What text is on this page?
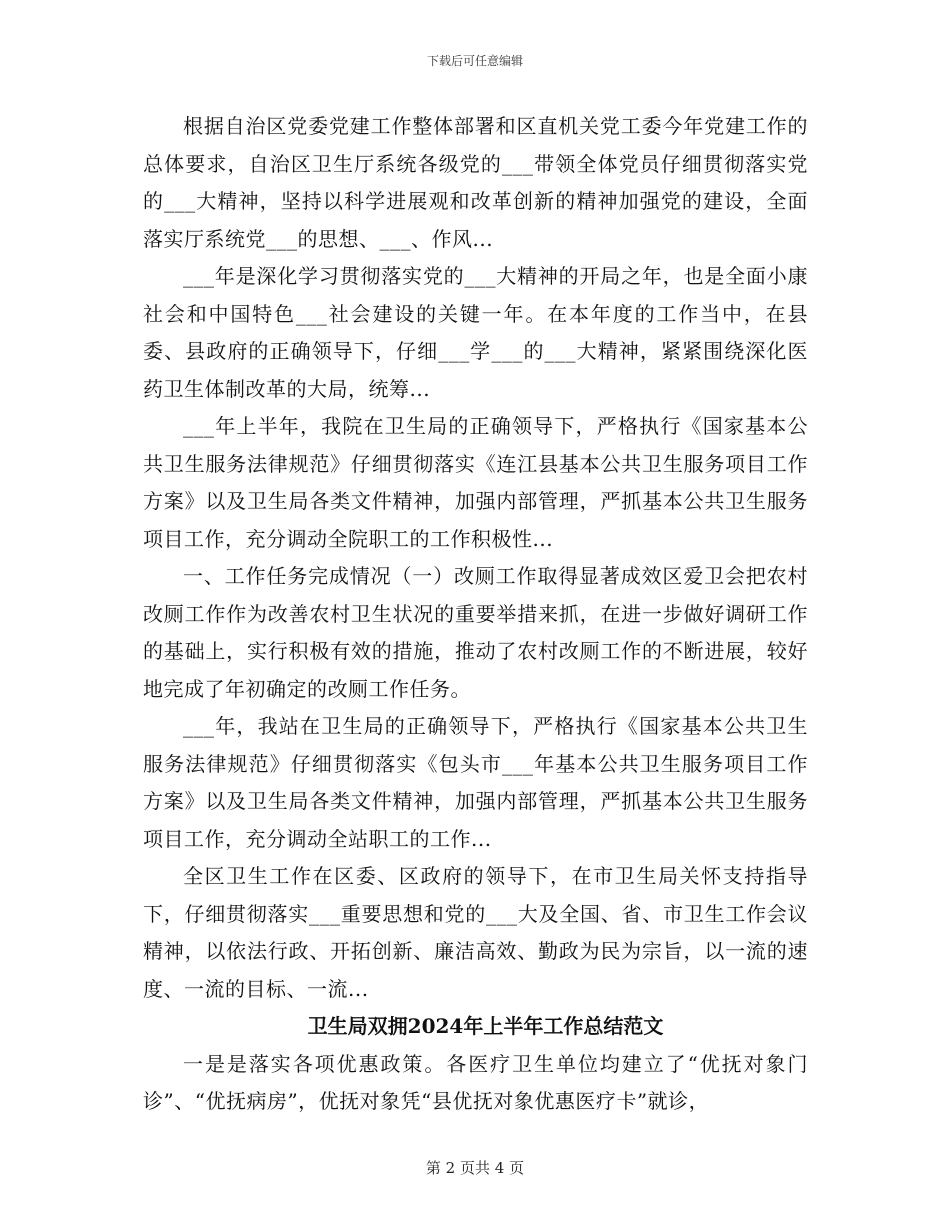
下载后可任意编辑

根据自治区党委党建工作整体部署和区直机关党工委今年党建工作的总体要求，自治区卫生厅系统各级党的___带领全体党员仔细贯彻落实党的___大精神，坚持以科学进展观和改革创新的精神加强党的建设，全面落实厅系统党___的思想、___、作风...

___年是深化学习贯彻落实党的___大精神的开局之年，也是全面小康社会和中国特色___社会建设的关键一年。在本年度的工作当中，在县委、县政府的正确领导下，仔细___学___的___大精神，紧紧围绕深化医药卫生体制改革的大局，统筹...

___年上半年，我院在卫生局的正确领导下，严格执行《国家基本公共卫生服务法律规范》仔细贯彻落实《连江县基本公共卫生服务项目工作方案》以及卫生局各类文件精神，加强内部管理，严抓基本公共卫生服务项目工作，充分调动全院职工的工作积极性...

一、工作任务完成情况（一）改厕工作取得显著成效区爱卫会把农村改厕工作作为改善农村卫生状况的重要举措来抓，在进一步做好调研工作的基础上，实行积极有效的措施，推动了农村改厕工作的不断进展，较好地完成了年初确定的改厕工作任务。

___年，我站在卫生局的正确领导下，严格执行《国家基本公共卫生服务法律规范》仔细贯彻落实《包头市___年基本公共卫生服务项目工作方案》以及卫生局各类文件精神，加强内部管理，严抓基本公共卫生服务项目工作，充分调动全站职工的工作...

全区卫生工作在区委、区政府的领导下，在市卫生局关怀支持指导下，仔细贯彻落实___重要思想和党的___大及全国、省、市卫生工作会议精神，以依法行政、开拓创新、廉洁高效、勤政为民为宗旨，以一流的速度、一流的目标、一流...

卫生局双拥2024年上半年工作总结范文

一是是落实各项优惠政策。各医疗卫生单位均建立了“优抚对象门诊”、“优抚病房”，优抚对象凭“县优抚对象优惠医疗卡”就诊，

第 2 页共 4 页
